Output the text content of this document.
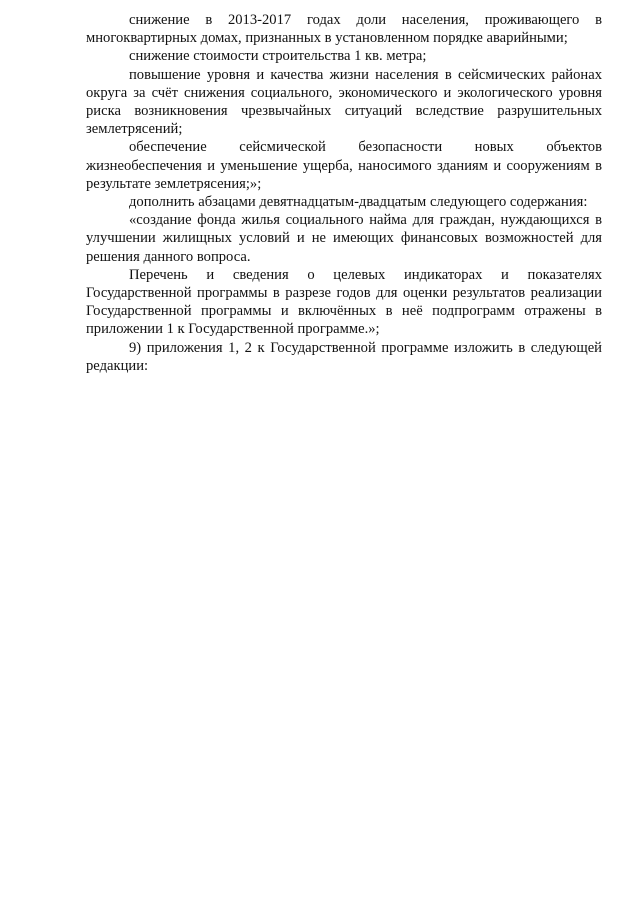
снижение в 2013-2017 годах доли населения, проживающего в многоквартирных домах, признанных в установленном порядке аварийными;

снижение стоимости строительства 1 кв. метра;

повышение уровня и качества жизни населения в сейсмических районах округа за счёт снижения социального, экономического и экологического уровня риска возникновения чрезвычайных ситуаций вследствие разрушительных землетрясений;

обеспечение сейсмической безопасности новых объектов жизнеобеспечения и уменьшение ущерба, наносимого зданиям и сооружениям в результате землетрясения;»;

дополнить абзацами девятнадцатым-двадцатым следующего содержания:

«создание фонда жилья социального найма для граждан, нуждающихся в улучшении жилищных условий и не имеющих финансовых возможностей для решения данного вопроса.

Перечень и сведения о целевых индикаторах и показателях Государственной программы в разрезе годов для оценки результатов реализации Государственной программы и включённых в неё подпрограмм отражены в приложении 1 к Государственной программе.»;

9) приложения 1, 2 к Государственной программе изложить в следующей редакции:
